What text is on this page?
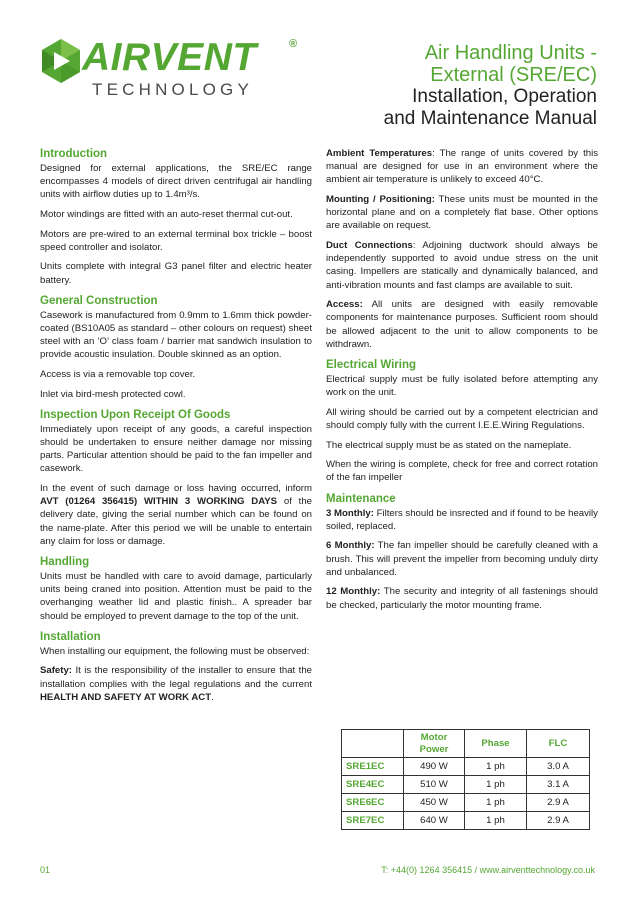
AIRVENT	®
TECHNOLOGY
Air Handling Units -
External (SRE/EC)
Installation, Operation
and Maintenance Manual
Introduction

Designed for external applications, the SRE/EC range encompasses 4 models of direct driven centrifugal air handling units with airflow duties up to 1.4m³/s.

Motor windings are fitted with an auto-reset thermal cut-out.

Motors are pre-wired to an external terminal box trickle – boost speed controller and isolator.

Units complete with integral G3 panel filter and electric heater battery.

General Construction

Casework is manufactured from 0.9mm to 1.6mm thick powder-coated (BS10A05 as standard – other colours on request) sheet steel with an ‘O’ class foam / barrier mat sandwich insulation to provide acoustic insulation. Double skinned as an option.

Access is via a removable top cover.

Inlet via bird-mesh protected cowl.

Inspection Upon Receipt Of Goods

Immediately upon receipt of any goods, a careful inspection should be undertaken to ensure neither damage nor missing parts. Particular attention should be paid to the fan impeller and casework.

In the event of such damage or loss having occurred, inform AVT (01264 356415) WITHIN 3 WORKING DAYS of the delivery date, giving the serial number which can be found on the name-plate. After this period we will be unable to entertain any claim for loss or damage.

Handling

Units must be handled with care to avoid damage, particularly units being craned into position. Attention must be paid to the overhanging weather lid and plastic finish.. A spreader bar should be employed to prevent damage to the top of the unit.

Installation

When installing our equipment, the following must be observed:

Safety: It is the responsibility of the installer to ensure that the installation complies with the legal regulations and the current HEALTH AND SAFETY AT WORK ACT.

Ambient Temperatures: The range of units covered by this manual are designed for use in an environment where the ambient air temperature is unlikely to exceed 40°C.

Mounting / Positioning: These units must be mounted in the horizontal plane and on a completely flat base. Other options are available on request.

Duct Connections: Adjoining ductwork should always be independently supported to avoid undue stress on the unit casing. Impellers are statically and dynamically balanced, and anti-vibration mounts and fast clamps are available to suit.

Access: All units are designed with easily removable components for maintenance purposes. Sufficient room should be allowed adjacent to the unit to allow components to be withdrawn.

Electrical Wiring

Electrical supply must be fully isolated before attempting any work on the unit.

All wiring should be carried out by a competent electrician and should comply fully with the current I.E.E.Wiring Regulations.

The electrical supply must be as stated on the nameplate.

When the wiring is complete, check for free and correct rotation of the fan impeller

Maintenance

3 Monthly: Filters should be insrected and if found to be heavily soiled, replaced.

6 Monthly: The fan impeller should be carefully cleaned with a brush. This will prevent the impeller from becoming unduly dirty and unbalanced.

12 Monthly: The security and integrity of all fastenings should be checked, particularly the motor mounting frame.

	Motor Power	Phase	FLC
SRE1EC	490 W	1 ph	3.0 A
SRE4EC	510 W	1 ph	3.1 A
SRE6EC	450 W	1 ph	2.9 A
SRE7EC	640 W	1 ph	2.9 A
01	T: +44(0) 1264 356415 / www.airventtechnology.co.uk
